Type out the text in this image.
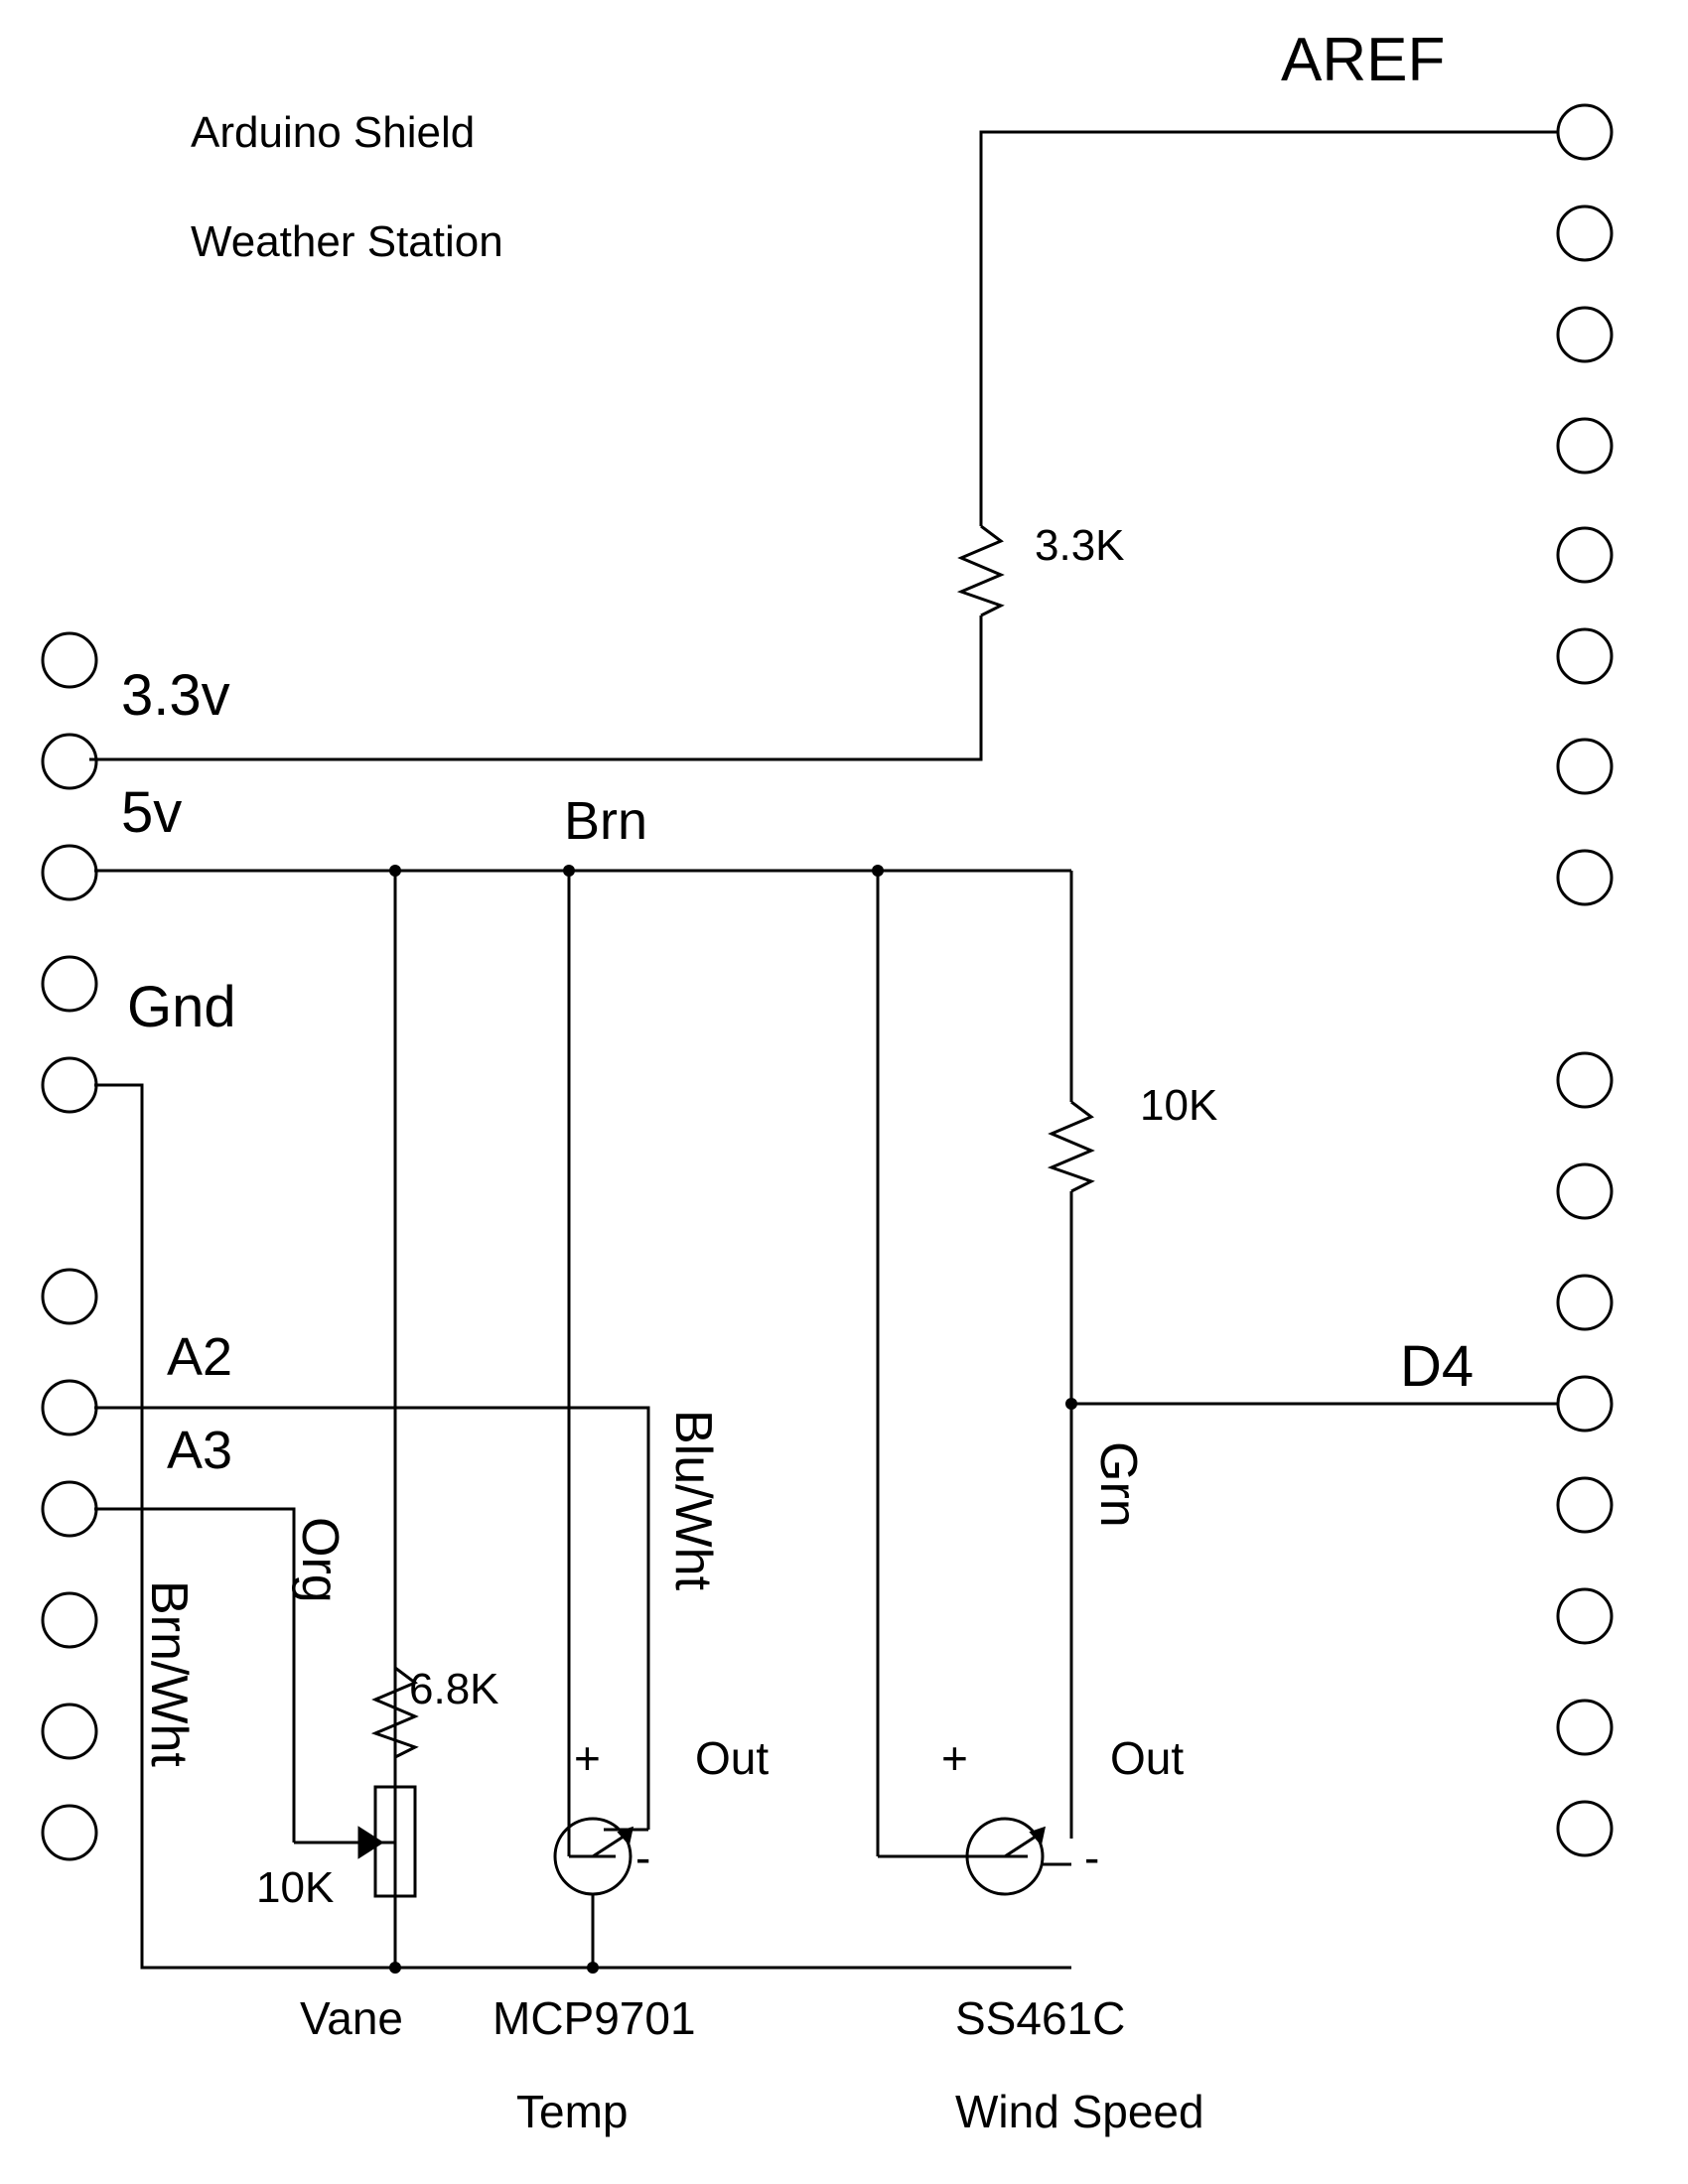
Arduino Shield
Weather Station
AREF
D4
3.3v
5v
Gnd
A2
A3
3.3K
10K
6.8K
10K
Brn
Brn/Wht
Org	Blu/Wht	Grn
Out	Out
+
-
+
-
Vane MCP9701
Temp
SS461C
Wind Speed
